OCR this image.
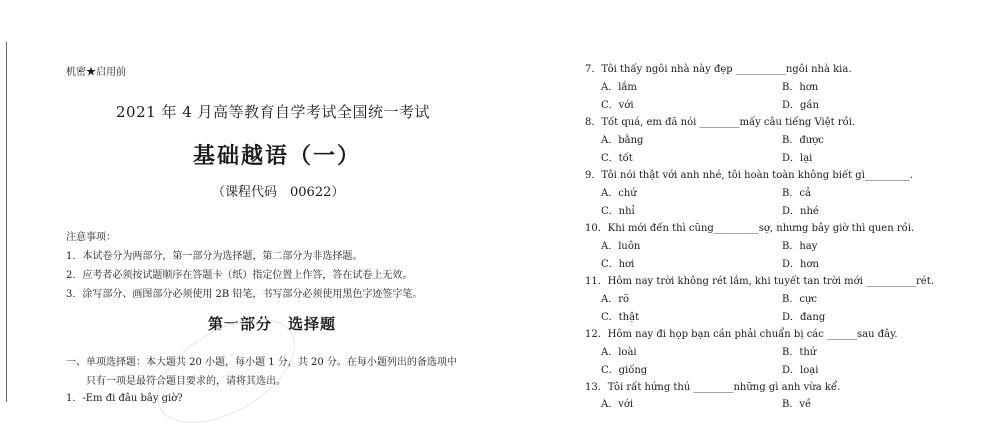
机密★启用前
2021 年 4 月高等教育自学考试全国统一考试
基础越语（一）
（课程代码　00622）
注意事项：
1．本试卷分为两部分，第一部分为选择题，第二部分为非选择题。
2．应考者必须按试题顺序在答题卡（纸）指定位置上作答，答在试卷上无效。
3．涂写部分、画图部分必须使用 2B 铅笔，书写部分必须使用黑色字迹签字笔。
第一部分　选择题
一、单项选择题：本大题共 20 小题，每小题 1 分，共 20 分。在每小题列出的备选项中
只有一项是最符合题目要求的，请将其选出。
1．-Em đi đâu bây giờ?
7．Tôi thấy ngôi nhà này đẹp __________ngôi nhà kia.
A．lắm	B．hơn
C．với	D．gần
8．Tốt quá, em đã nói ________mấy câu tiếng Việt rồi.
A．bằng	B．được
C．tốt	D．lại
9．Tôi nói thật với anh nhé, tôi hoàn toàn không biết gì_________.
A．chứ	B．cả
C．nhỉ	D．nhé
10．Khi mới đến thì cũng_________sợ, nhưng bây giờ thì quen rồi.
A．luôn	B．hay
C．hơi	D．hơn
11．Hôm nay trời không rét lắm, khi tuyết tan trời mới __________rét.
A．rõ	B．cực
C．thật	D．đang
12．Hôm nay đi họp bạn cần phải chuẩn bị các ______sau đây.
A．loài	B．thứ
C．giống	D．loại
13．Tôi rất hứng thú ________những gì anh vừa kể.
A．với	B．về
